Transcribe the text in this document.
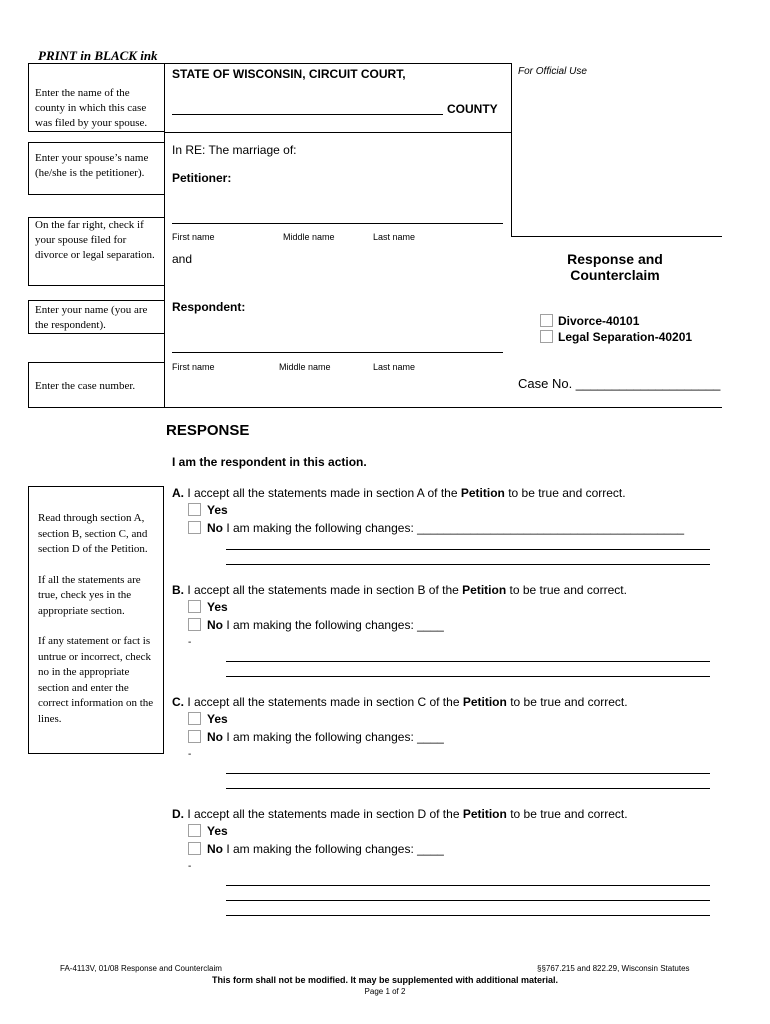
PRINT in BLACK ink
Enter the name of the county in which this case was filed by your spouse.
Enter your spouse’s name (he/she is the petitioner).
On the far right, check if your spouse filed for divorce or legal separation.
Enter your name (you are the respondent).
Enter the case number.
STATE OF WISCONSIN, CIRCUIT COURT,
COUNTY
For Official Use
In RE: The marriage of:
Petitioner:
First name	Middle name	Last name
and
Respondent:
First name	Middle name	Last name
Response and
Counterclaim
Divorce-40101
Legal Separation-40201
Case No. ____________________
RESPONSE
I am the respondent in this action.
Read through section A, section B, section C, and section D of the Petition.
If all the statements are true, check yes in the appropriate section.
If any statement or fact is untrue or incorrect, check no in the appropriate section and enter the correct information on the lines.
A. I accept all the statements made in section A of the Petition to be true and correct.
Yes
No I am making the following changes: ________________________________________
B. I accept all the statements made in section B of the Petition to be true and correct.
Yes
No I am making the following changes: ____
-
C. I accept all the statements made in section C of the Petition to be true and correct.
Yes
No I am making the following changes: ____
-
D. I accept all the statements made in section D of the Petition to be true and correct.
Yes
No I am making the following changes: ____
-
FA-4113V, 01/08 Response and Counterclaim	§§767.215 and 822.29, Wisconsin Statutes
This form shall not be modified. It may be supplemented with additional material.
Page 1 of 2
